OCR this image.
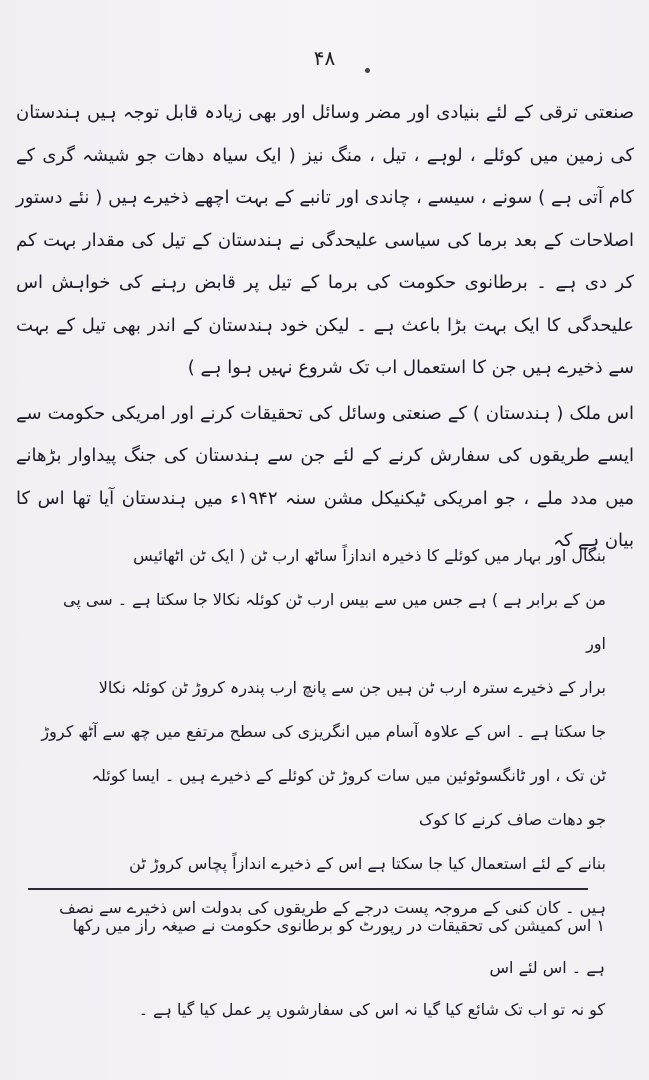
۴۸

صنعتی ترقی کے لئے بنیادی اور مضر وسائل اور بھی زیادہ قابل توجہ ہیں ہندستان کی زمین میں کوئلے ، لوہے ، تیل ، منگ نیز ( ایک سیاہ دھات جو شیشہ گری کے کام آتی ہے ) سونے ، سیسے ، چاندی اور تانبے کے بہت اچھے ذخیرے ہیں ( نئے دستور اصلاحات کے بعد برما کی سیاسی علیحدگی نے ہندستان کے تیل کی مقدار بہت کم کر دی ہے ۔ برطانوی حکومت کی برما کے تیل پر قابض رہنے کی خواہش اس علیحدگی کا ایک بہت بڑا باعث ہے ۔ لیکن خود ہندستان کے اندر بھی تیل کے بہت سے ذخیرے ہیں جن کا استعمال اب تک شروع نہیں ہوا ہے )

اس ملک ( ہندستان ) کے صنعتی وسائل کی تحقیقات کرنے اور امریکی حکومت سے ایسے طریقوں کی سفارش کرنے کے لئے جن سے ہندستان کی جنگ پیداوار بڑھانے میں مدد ملے ، جو امریکی ٹیکنیکل مشن سنہ ۱۹۴۲ء میں ہندستان آیا تھا اس کا بیان ہے کہ

بنگال اور بہار میں کوئلے کا ذخیرہ اندازاً ساٹھ ارب ٹن ( ایک ٹن اٹھائیس

من کے برابر ہے ) ہے جس میں سے بیس ارب ٹن کوئلہ نکالا جا سکتا ہے ۔ سی پی اور

برار کے ذخیرے سترہ ارب ٹن ہیں جن سے پانچ ارب پندرہ کروڑ ٹن کوئلہ نکالا

جا سکتا ہے ۔ اس کے علاوہ آسام میں انگریزی کی سطح مرتفع میں چھ سے آٹھ کروڑ

ٹن تک ، اور ٹانگسوٹوئین میں سات کروڑ ٹن کوئلے کے ذخیرے ہیں ۔ ایسا کوئلہ

جو دھات صاف کرنے کا کوک

بنانے کے لئے استعمال کیا جا سکتا ہے اس کے ذخیرے اندازاً پچاس کروڑ ٹن

ہیں ۔ کان کنی کے مروجہ پست درجے کے طریقوں کی بدولت اس ذخیرے سے نصف

۱ اس کمیشن کی تحقیقات در رپورٹ کو برطانوی حکومت نے صیغہ راز میں رکھا ہے ۔ اس لئے اس

کو نہ تو اب تک شائع کیا گیا نہ اس کی سفارشوں پر عمل کیا گیا ہے ۔
